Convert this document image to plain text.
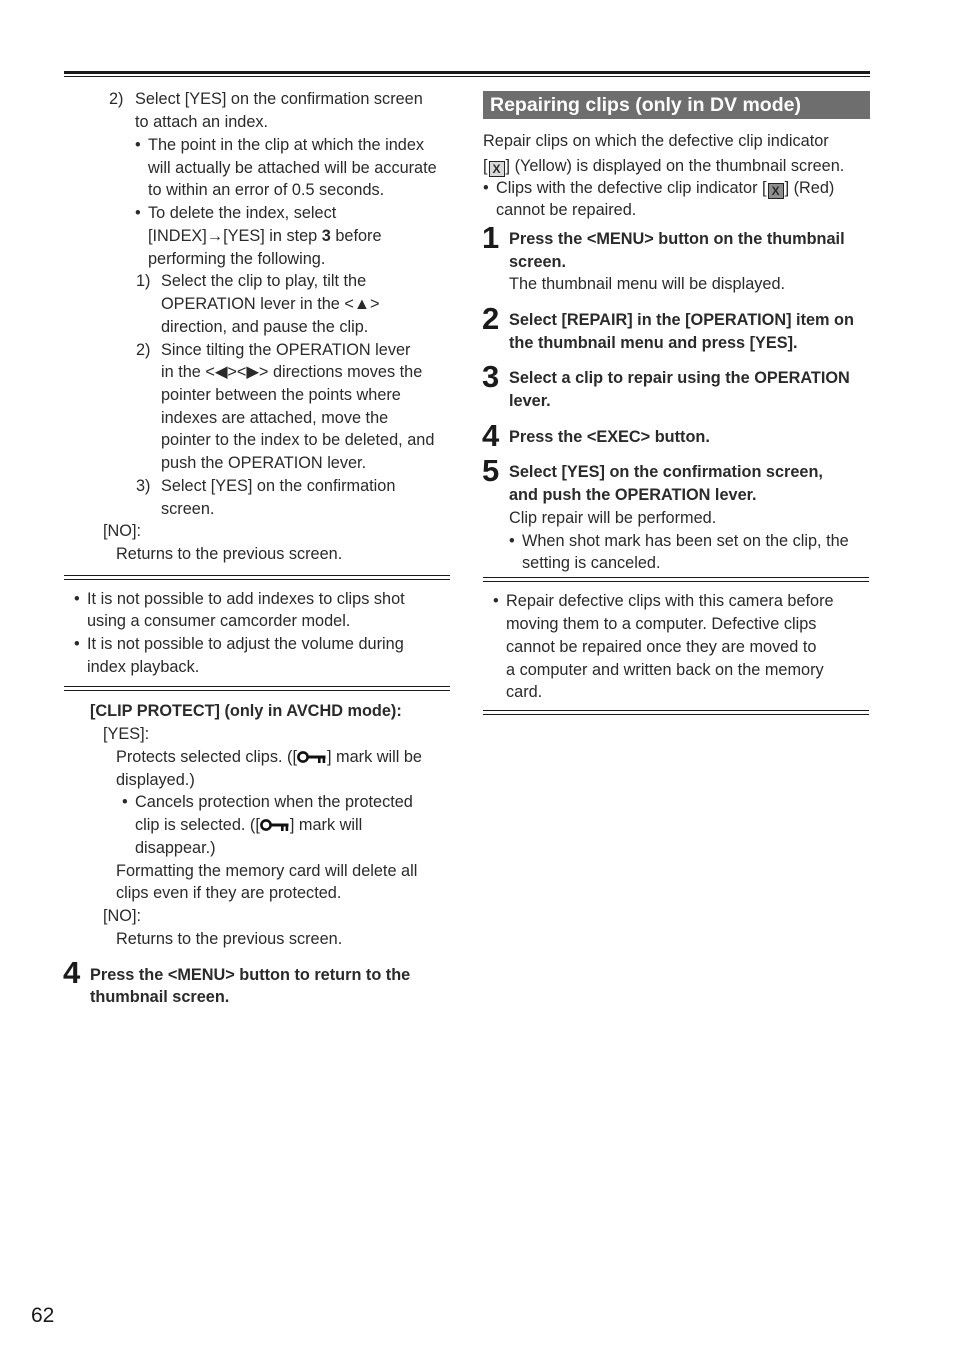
2) Select [YES] on the confirmation screen
to attach an index.
• The point in the clip at which the index
will actually be attached will be accurate
to within an error of 0.5 seconds.
• To delete the index, select
[INDEX]→[YES] in step 3 before
performing the following.
1) Select the clip to play, tilt the
OPERATION lever in the <▲>
direction, and pause the clip.
2) Since tilting the OPERATION lever
in the <◀><▶> directions moves the
pointer between the points where
indexes are attached, move the
pointer to the index to be deleted, and
push the OPERATION lever.
3) Select [YES] on the confirmation
screen.
[NO]:
Returns to the previous screen.
• It is not possible to add indexes to clips shot
using a consumer camcorder model.
• It is not possible to adjust the volume during
index playback.
[CLIP PROTECT] (only in AVCHD mode):
[YES]:
Protects selected clips. ([ ] mark will be
displayed.)
• Cancels protection when the protected
clip is selected. ([ ] mark will
disappear.)
Formatting the memory card will delete all
clips even if they are protected.
[NO]:
Returns to the previous screen.
4 Press the <MENU> button to return to the
thumbnail screen.
Repairing clips (only in DV mode)
Repair clips on which the defective clip indicator
[ X ] (Yellow) is displayed on the thumbnail screen.
• Clips with the defective clip indicator [ X ] (Red)
cannot be repaired.
1 Press the <MENU> button on the thumbnail
screen.
The thumbnail menu will be displayed.
2 Select [REPAIR] in the [OPERATION] item on
the thumbnail menu and press [YES].
3 Select a clip to repair using the OPERATION
lever.
4 Press the <EXEC> button.
5 Select [YES] on the confirmation screen,
and push the OPERATION lever.
Clip repair will be performed.
• When shot mark has been set on the clip, the
setting is canceled.
• Repair defective clips with this camera before
moving them to a computer. Defective clips
cannot be repaired once they are moved to
a computer and written back on the memory
card.
62
